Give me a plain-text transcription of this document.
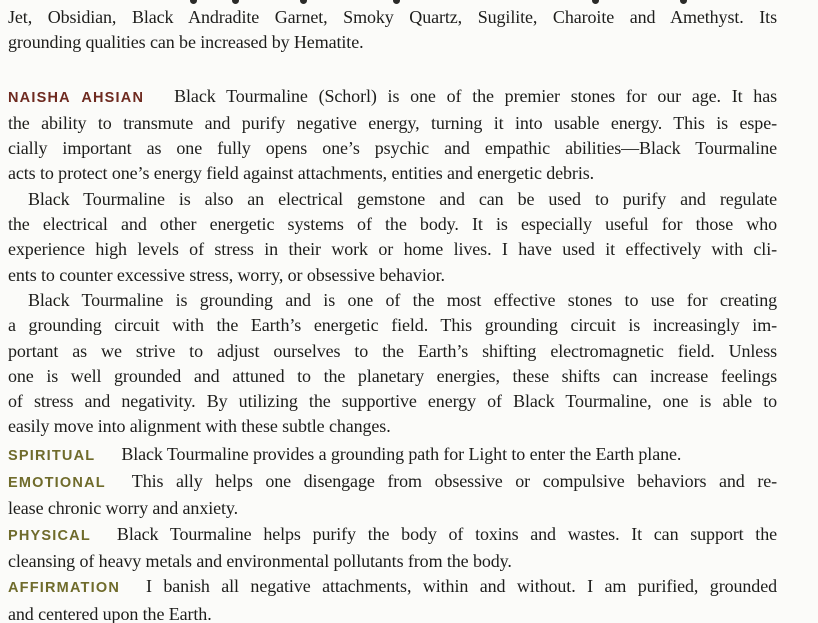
Jet, Obsidian, Black Andradite Garnet, Smoky Quartz, Sugilite, Charoite and Amethyst. Its
grounding qualities can be increased by Hematite.
NAISHA AHSIAN Black Tourmaline (Schorl) is one of the premier stones for our age. It has
the ability to transmute and purify negative energy, turning it into usable energy. This is espe-
cially important as one fully opens one’s psychic and empathic abilities—Black Tourmaline
acts to protect one’s energy field against attachments, entities and energetic debris.
Black Tourmaline is also an electrical gemstone and can be used to purify and regulate
the electrical and other energetic systems of the body. It is especially useful for those who
experience high levels of stress in their work or home lives. I have used it effectively with cli-
ents to counter excessive stress, worry, or obsessive behavior.
Black Tourmaline is grounding and is one of the most effective stones to use for creating
a grounding circuit with the Earth’s energetic field. This grounding circuit is increasingly im-
portant as we strive to adjust ourselves to the Earth’s shifting electromagnetic field. Unless
one is well grounded and attuned to the planetary energies, these shifts can increase feelings
of stress and negativity. By utilizing the supportive energy of Black Tourmaline, one is able to
easily move into alignment with these subtle changes.
SPIRITUAL Black Tourmaline provides a grounding path for Light to enter the Earth plane.
EMOTIONAL This ally helps one disengage from obsessive or compulsive behaviors and re-
lease chronic worry and anxiety.
PHYSICAL Black Tourmaline helps purify the body of toxins and wastes. It can support the
cleansing of heavy metals and environmental pollutants from the body.
AFFIRMATION I banish all negative attachments, within and without. I am purified, grounded
and centered upon the Earth.
